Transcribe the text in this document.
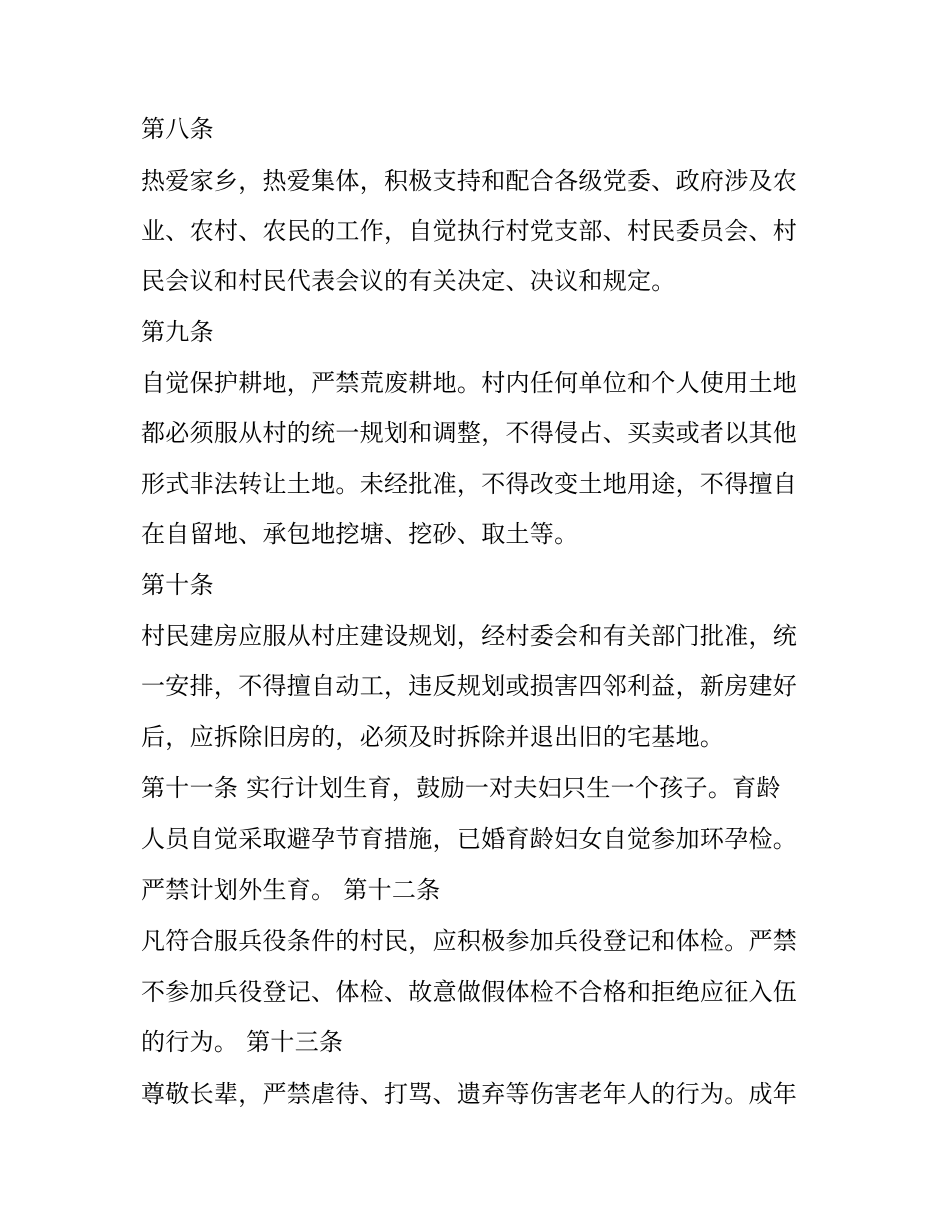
第八条

热爱家乡，热爱集体，积极支持和配合各级党委、政府涉及农

业、农村、农民的工作，自觉执行村党支部、村民委员会、村

民会议和村民代表会议的有关决定、决议和规定。

第九条

自觉保护耕地，严禁荒废耕地。村内任何单位和个人使用土地

都必须服从村的统一规划和调整，不得侵占、买卖或者以其他

形式非法转让土地。未经批准，不得改变土地用途，不得擅自

在自留地、承包地挖塘、挖砂、取土等。

第十条

村民建房应服从村庄建设规划，经村委会和有关部门批准，统

一安排，不得擅自动工，违反规划或损害四邻利益，新房建好

后，应拆除旧房的，必须及时拆除并退出旧的宅基地。

第十一条 实行计划生育，鼓励一对夫妇只生一个孩子。育龄

人员自觉采取避孕节育措施，已婚育龄妇女自觉参加环孕检。

严禁计划外生育。 第十二条

凡符合服兵役条件的村民，应积极参加兵役登记和体检。严禁

不参加兵役登记、体检、故意做假体检不合格和拒绝应征入伍

的行为。 第十三条

尊敬长辈，严禁虐待、打骂、遗弃等伤害老年人的行为。成年
